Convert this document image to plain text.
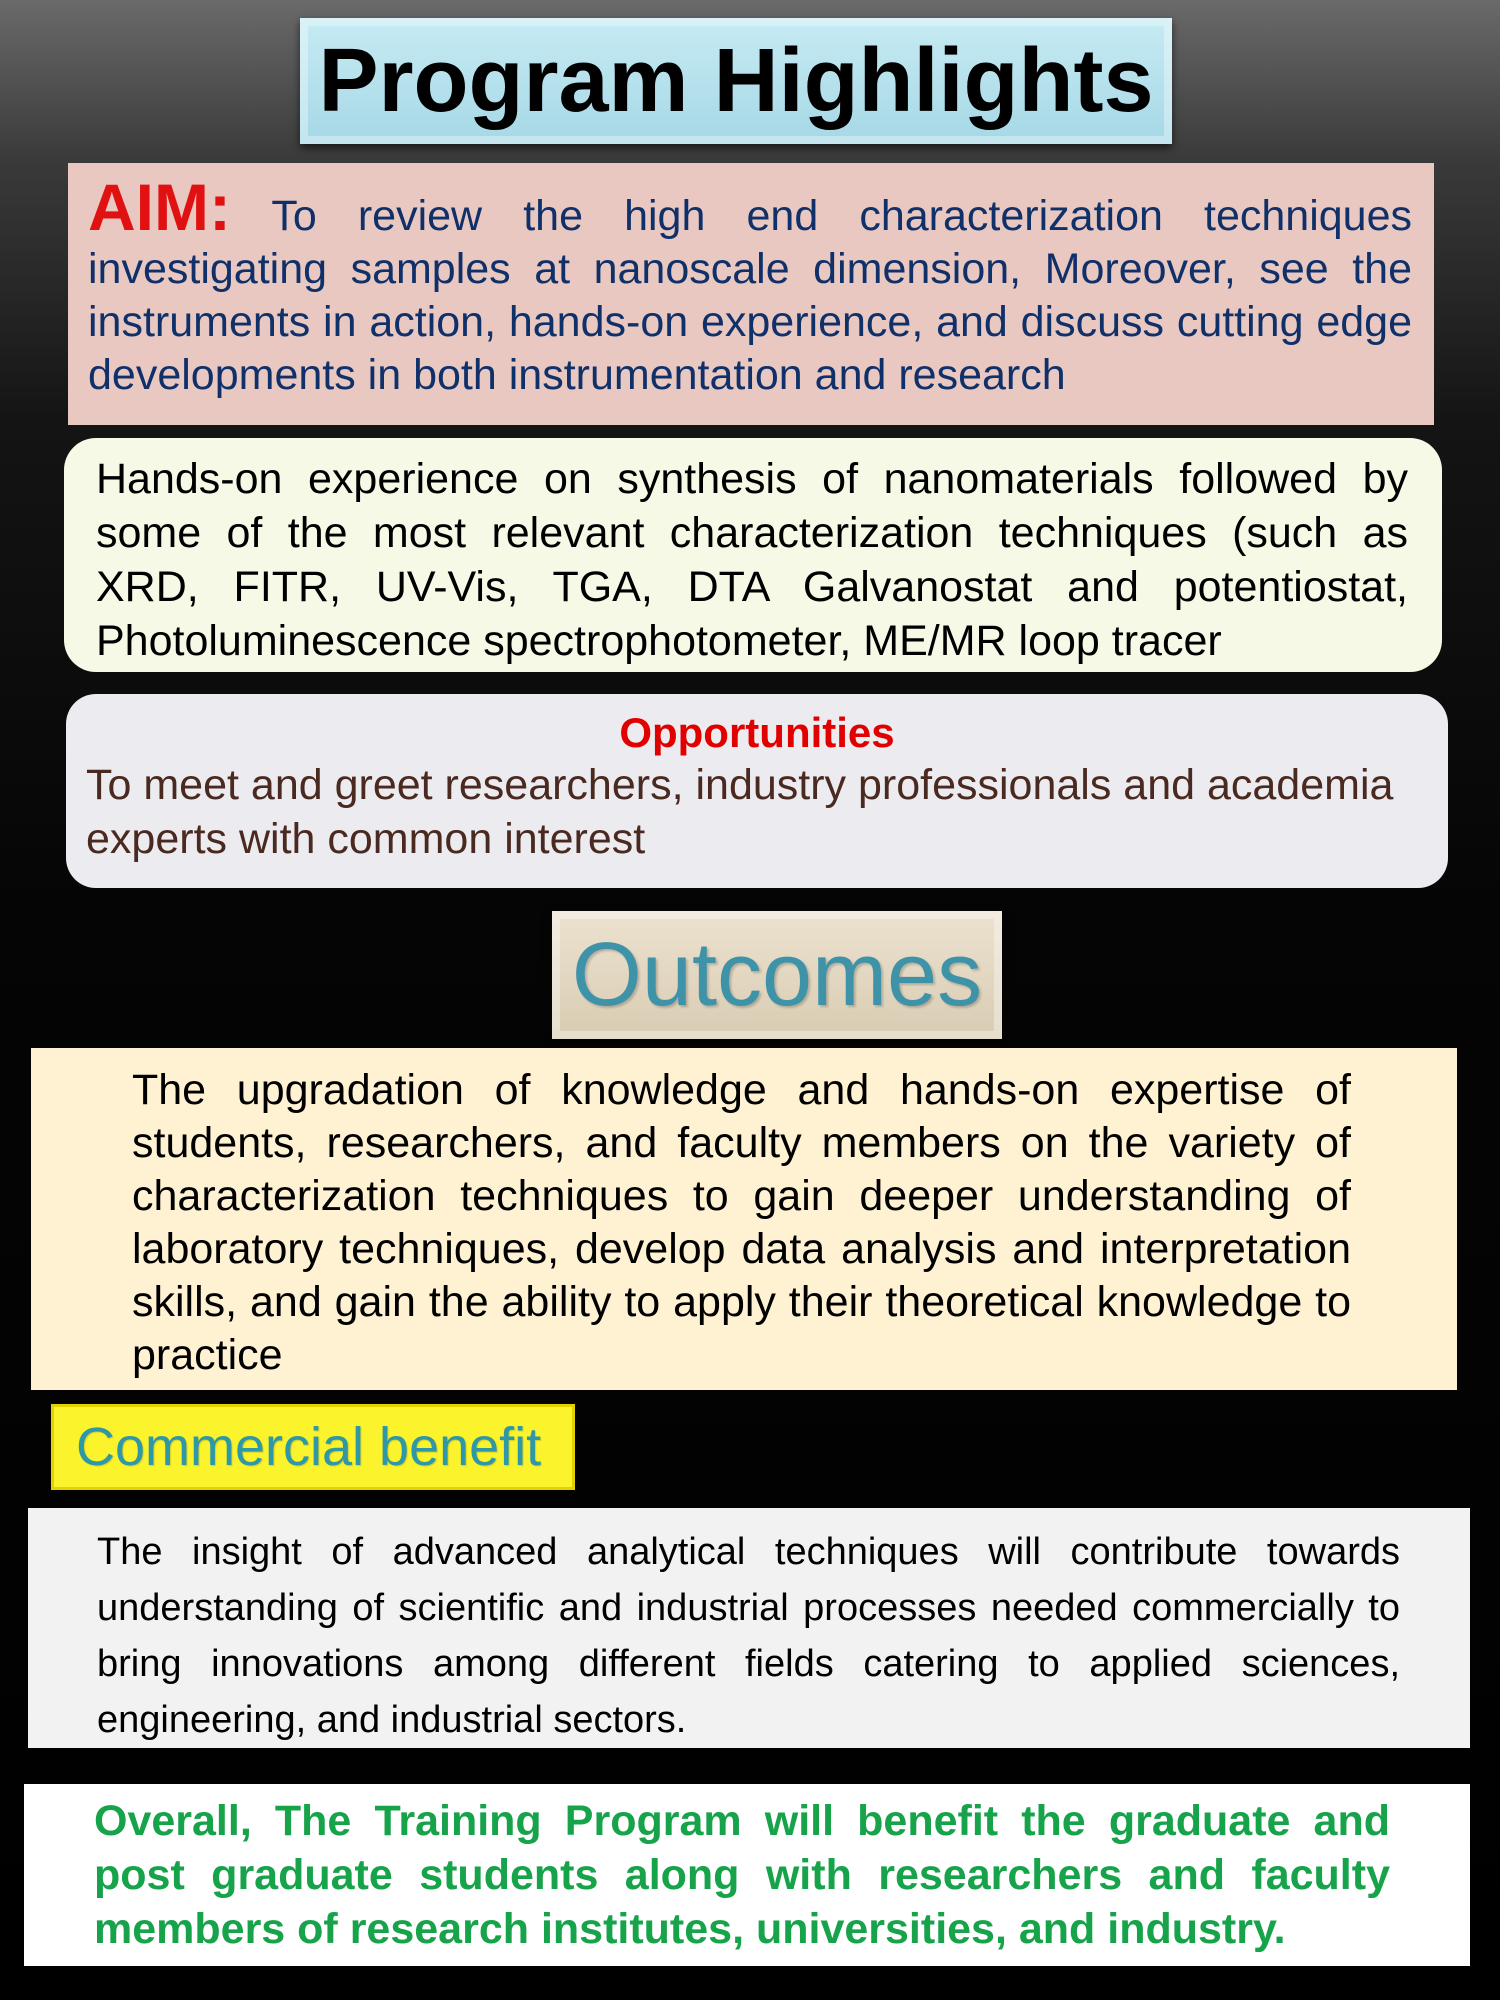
Program Highlights
AIM: To review the high end characterization techniques investigating samples at nanoscale dimension, Moreover, see the instruments in action, hands-on experience, and discuss cutting edge developments in both instrumentation and research
Hands-on experience on synthesis of nanomaterials followed by some of the most relevant characterization techniques (such as XRD, FITR, UV-Vis, TGA, DTA Galvanostat and potentiostat, Photoluminescence spectrophotometer, ME/MR loop tracer
Opportunities
To meet and greet researchers, industry professionals and academia experts with common interest
Outcomes
The upgradation of knowledge and hands-on expertise of students, researchers, and faculty members on the variety of characterization techniques to gain deeper understanding of laboratory techniques, develop data analysis and interpretation skills, and gain the ability to apply their theoretical knowledge to practice
Commercial benefit
The insight of advanced analytical techniques will contribute towards understanding of scientific and industrial processes needed commercially to bring innovations among different fields catering to applied sciences, engineering, and industrial sectors.
Overall, The Training Program will benefit the graduate and post graduate students along with researchers and faculty members of research institutes, universities, and industry.
